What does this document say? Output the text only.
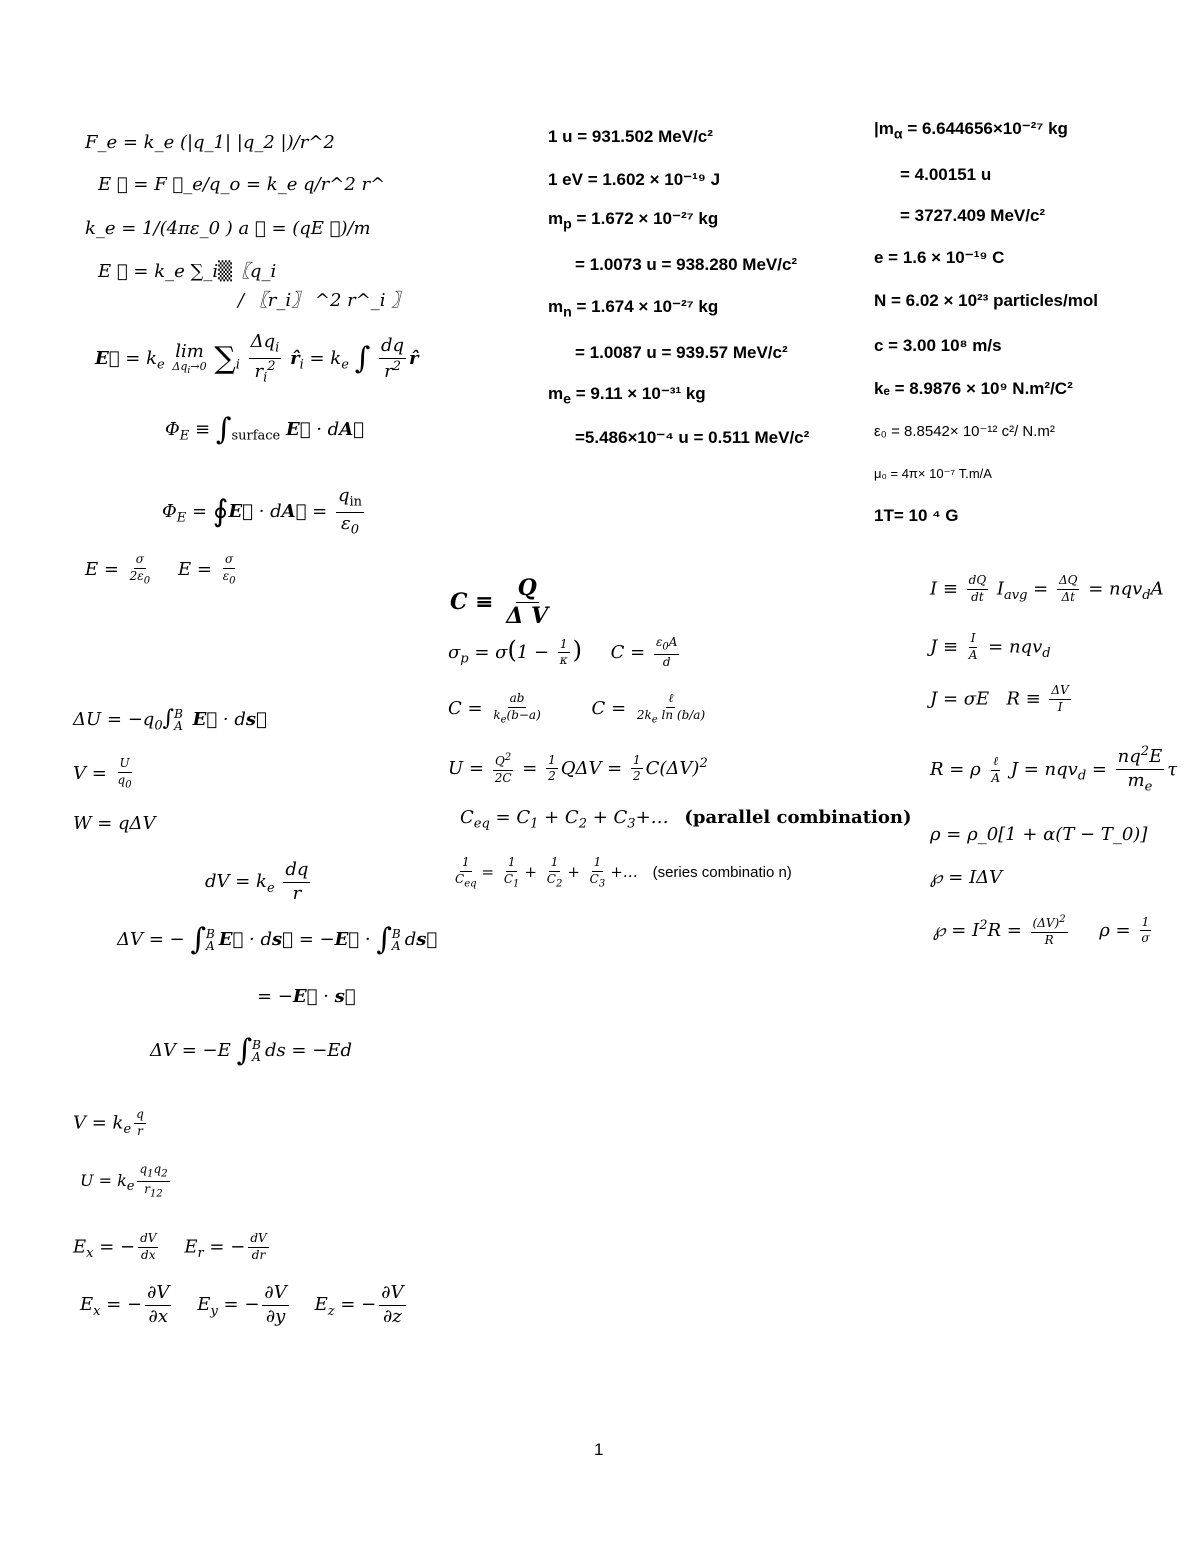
F_e = k_e (|q_1| |q_2 |)/r^2
E ⃗ = F ⃗_e/q_o = k_e q/r^2 r^
k_e = 1/(4πε_0 ) a ⃗ = (qE ⃗)/m
E ⃗ = k_e ∑_i▒〖q_i
/ 〖r_i〗 ^2 r^_i 〗
E⃗ = $k_e$
lim
$\Delta q_i\to 0$ $\sum_i \frac{\Delta q_i}{r_i^2}$ $r̂_i = k_e$ ∫ $\frac{dq}{r^2}$ r̂
$\Phi_E \equiv \int_{surface}$ E⃗ · dA⃗
$\Phi_E$ = ∮E⃗ · dA⃗ = $\frac{q_{in}}{\varepsilon_0}$
$E = \frac{\sigma}{2\varepsilon_0}$ $E = \frac{\sigma}{\varepsilon_0}$
$\Delta U = -q_0\int$ B
A E⃗ · ds⃗
$V = \frac{U}{q_0}$
W = qΔV
dV = $k_e \frac{dq}{r}$
ΔV = − ∫ B
A E⃗ · ds⃗ = −E⃗ · ∫ B
A ds⃗
= −E⃗ · s⃗
ΔV = −E ∫ B
A ds = −Ed
$V = k_e \frac{q}{r}$
$U = k_e \frac{q_1q_2}{r_{12}}$
$E_x$ = − $\frac{dV}{dx} E_r$ = − $\frac{dV}{dr}$
$E_x$ = − $\frac{\partial V}{\partial x} E_y$ = − $\frac{\partial V}{\partial y} E_z$ = − $\frac{\partial V}{\partial z}$
1 u = 931.502 MeV/c²
1 eV = 1.602 × 10⁻¹⁹ J
$m_p = 1.672 \times 10^{-27}$ kg
= 1.0073 u = 938.280 MeV/c²
$m_n = 1.674 \times 10^{-27}$ kg
= 1.0087 u = 939.57 MeV/c²
$m_e = 9.11 \times 10^{-31}$ kg
=5.486×10⁻⁴ u = 0.511 MeV/c²
$|m_\alpha = 6.644656\times 10^{-27}$ kg
= 4.00151 u
= 3727.409 MeV/c²
e = 1.6 × 10⁻¹⁹ C
N = 6.02 × 10²³ particles/mol
c = 3.00 10⁸ m/s
kₑ = 8.9876 × 10⁹ N.m²/C²
ε₀ = 8.8542× 10⁻¹² c²/ N.m²
μ₀ = 4π× 10⁻⁷ T.m/A
1T= 10 ⁴ G
$C \equiv \frac{Q}{\text{Δ V}}$
$\sigma_p = \sigma(1 - \frac{1}{\kappa}$ )     $C = \frac{\varepsilon_0A}{d}$
$C = \frac{ab}{k_e(b-a)}$ $C = \frac{\text{ℓ}}{2k_e \ln (b/a)}$
$U = \frac{Q^2}{2C} = \frac{1}{2}$ $Q\Delta V = \frac{1}{2} C(\Delta V)^2$
$C_{eq} = C_1 + C_2$ + $C_3+\dots$ (parallel combination)
$\frac{1}{C_{eq}} = \frac{1}{C_1} + \frac{1}{C_2} + \frac{1}{C_3}$ +… (series combinatio n)
$I \equiv \frac{dQ}{dt} I_{avg} = \frac{\Delta Q}{\Delta t} = nqv_dA$
$J \equiv \frac{I}{A} = nqv_d$
J = σE   $R \equiv \frac{\Delta V}{I}$
R = ρ $\frac{\text{ℓ}}{A}$ $J = nqv_d = \frac{nq^2E}{m_e}$ τ
ρ = ρ_0[1 + α(T − T_0)]
℘ = IΔV
℘ = $I^2R = \frac{(\Delta V)^2}{R}$ $\rho = \frac{1}{\sigma}$
1
